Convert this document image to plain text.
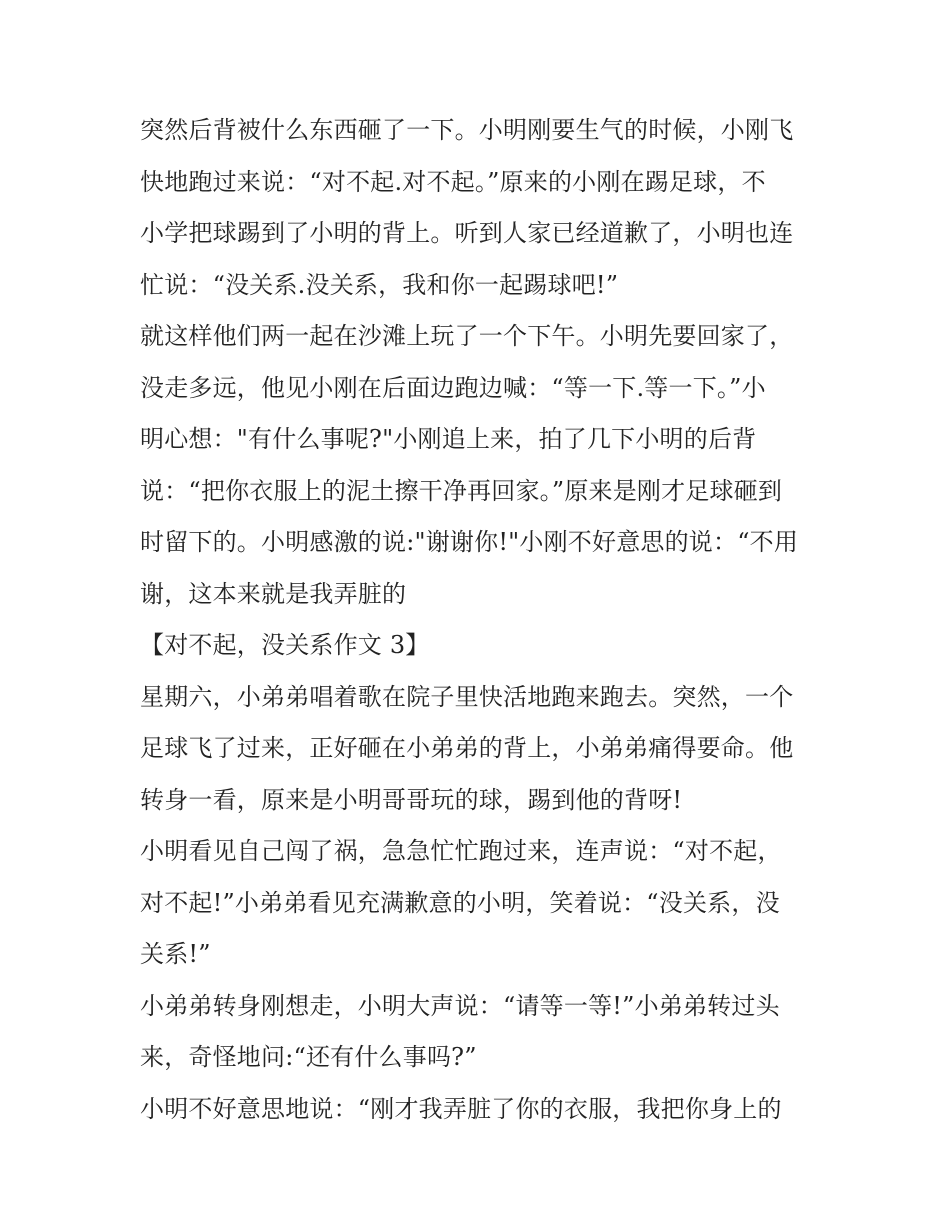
突然后背被什么东西砸了一下。小明刚要生气的时候，小刚飞
快地跑过来说：“对不起.对不起。”原来的小刚在踢足球，不
小学把球踢到了小明的背上。听到人家已经道歉了，小明也连
忙说：“没关系.没关系，我和你一起踢球吧!”
就这样他们两一起在沙滩上玩了一个下午。小明先要回家了，
没走多远，他见小刚在后面边跑边喊：“等一下.等一下。”小
明心想："有什么事呢?"小刚追上来，拍了几下小明的后背
说：“把你衣服上的泥土擦干净再回家。”原来是刚才足球砸到
时留下的。小明感激的说:"谢谢你!"小刚不好意思的说：“不用
谢，这本来就是我弄脏的
【对不起，没关系作文 3】
星期六，小弟弟唱着歌在院子里快活地跑来跑去。突然，一个
足球飞了过来，正好砸在小弟弟的背上，小弟弟痛得要命。他
转身一看，原来是小明哥哥玩的球，踢到他的背呀!
小明看见自己闯了祸，急急忙忙跑过来，连声说：“对不起，
对不起!”小弟弟看见充满歉意的小明，笑着说：“没关系，没
关系!”
小弟弟转身刚想走，小明大声说：“请等一等!”小弟弟转过头
来，奇怪地问:“还有什么事吗?”
小明不好意思地说：“刚才我弄脏了你的衣服，我把你身上的
